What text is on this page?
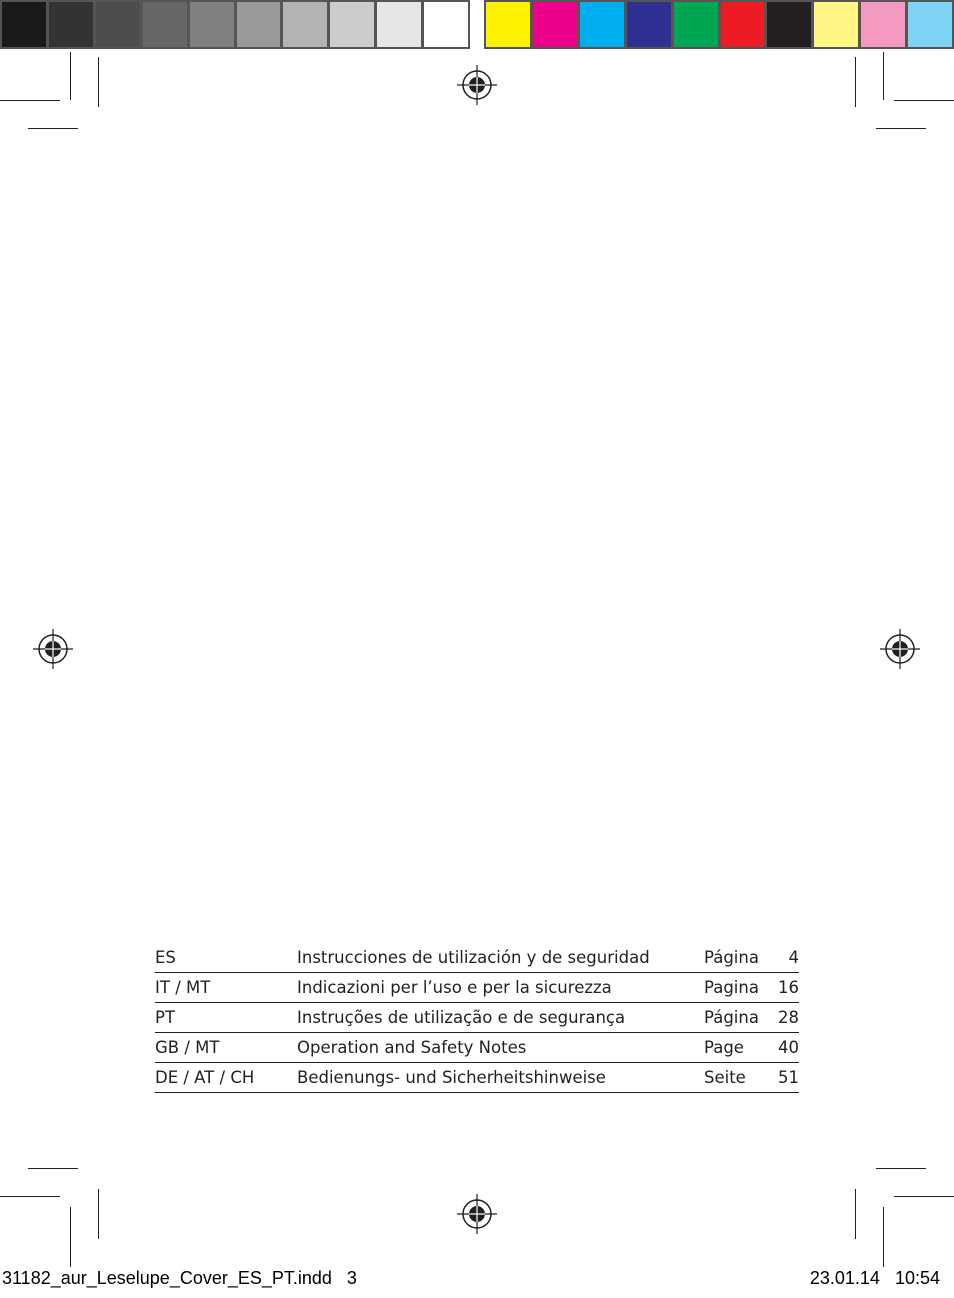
ES	Instrucciones de utilización y de seguridad	Página	4
IT / MT	Indicazioni per l’uso e per la sicurezza	Pagina	16
PT	Instruções de utilização e de segurança	Página	28
GB / MT	Operation and Safety Notes	Page	40
DE / AT / CH	Bedienungs- und Sicherheitshinweise	Seite	51
31182_aur_Leselupe_Cover_ES_PT.indd   3	23.01.14   10:54
